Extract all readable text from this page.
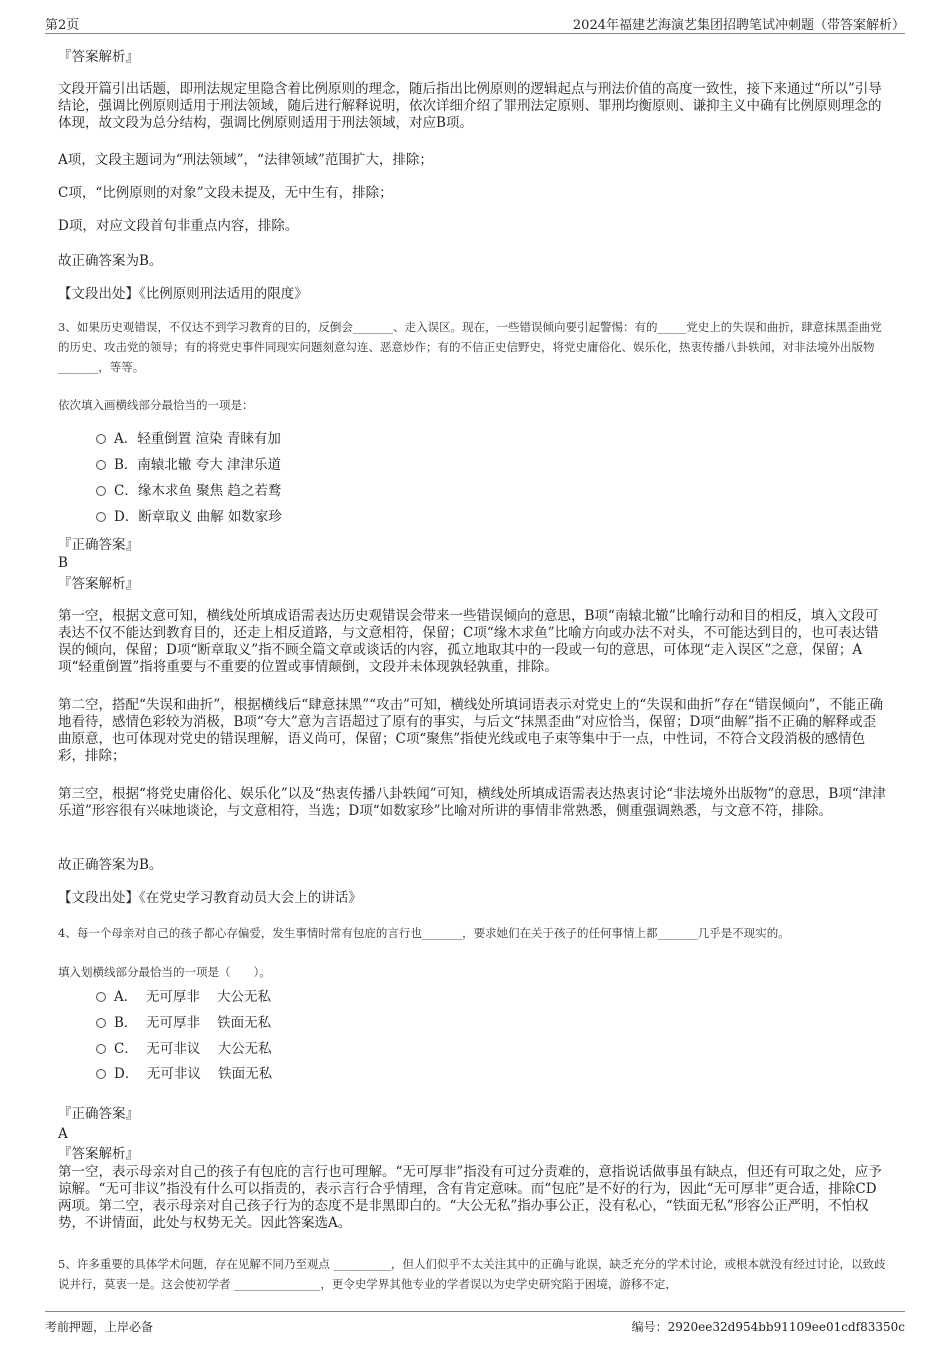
第2页	2024年福建艺海演艺集团招聘笔试冲刺题（带答案解析）
『答案解析』
文段开篇引出话题，即刑法规定里隐含着比例原则的理念，随后指出比例原则的逻辑起点与刑法价值的高度一致性，接下来通过“所以”引导结论，强调比例原则适用于刑法领域，随后进行解释说明，依次详细介绍了罪刑法定原则、罪刑均衡原则、谦抑主义中确有比例原则理念的体现，故文段为总分结构，强调比例原则适用于刑法领域，对应B项。
A项，文段主题词为“刑法领域”，“法律领域”范围扩大，排除；
C项，“比例原则的对象”文段未提及，无中生有，排除；
D项，对应文段首句非重点内容，排除。
故正确答案为B。
【文段出处】《比例原则刑法适用的限度》
3、如果历史观错误，不仅达不到学习教育的目的，反倒会_______、走入误区。现在，一些错误倾向要引起警惕：有的_____党史上的失误和曲折，肆意抹黑歪曲党的历史、攻击党的领导；有的将党史事件同现实问题刻意勾连、恶意炒作；有的不信正史信野史，将党史庸俗化、娱乐化，热衷传播八卦轶闻，对非法境外出版物_______，等等。
依次填入画横线部分最恰当的一项是：
A．轻重倒置 渲染 青睐有加
B．南辕北辙 夸大 津津乐道
C．缘木求鱼 聚焦 趋之若鹜
D．断章取义 曲解 如数家珍
『正确答案』
B
『答案解析』
第一空，根据文意可知，横线处所填成语需表达历史观错误会带来一些错误倾向的意思，B项“南辕北辙”比喻行动和目的相反，填入文段可表达不仅不能达到教育目的，还走上相反道路，与文意相符，保留；C项“缘木求鱼”比喻方向或办法不对头，不可能达到目的，也可表达错误的倾向，保留；D项“断章取义”指不顾全篇文章或谈话的内容，孤立地取其中的一段或一句的意思，可体现“走入误区”之意，保留；A项“轻重倒置”指将重要与不重要的位置或事情颠倒，文段并未体现孰轻孰重，排除。
第二空，搭配“失误和曲折”，根据横线后“肆意抹黑”“攻击”可知，横线处所填词语表示对党史上的“失误和曲折”存在“错误倾向”，不能正确地看待，感情色彩较为消极，B项“夸大”意为言语超过了原有的事实，与后文“抹黑歪曲”对应恰当，保留；D项“曲解”指不正确的解释或歪曲原意，也可体现对党史的错误理解，语义尚可，保留；C项“聚焦”指使光线或电子束等集中于一点，中性词，不符合文段消极的感情色彩，排除；
第三空，根据“将党史庸俗化、娱乐化”以及“热衷传播八卦轶闻”可知，横线处所填成语需表达热衷讨论“非法境外出版物”的意思，B项“津津乐道”形容很有兴味地谈论，与文意相符，当选；D项“如数家珍”比喻对所讲的事情非常熟悉，侧重强调熟悉，与文意不符，排除。
故正确答案为B。
【文段出处】《在党史学习教育动员大会上的讲话》
4、每一个母亲对自己的孩子都心存偏爱，发生事情时常有包庇的言行也_______，要求她们在关于孩子的任何事情上都_______几乎是不现实的。
填入划横线部分最恰当的一项是（　　）。
A．  无可厚非    大公无私
B．  无可厚非    铁面无私
C．  无可非议    大公无私
D．  无可非议    铁面无私
『正确答案』
A
『答案解析』
第一空，表示母亲对自己的孩子有包庇的言行也可理解。“无可厚非”指没有可过分责难的，意指说话做事虽有缺点，但还有可取之处，应予谅解。“无可非议”指没有什么可以指责的，表示言行合乎情理，含有肯定意味。而“包庇”是不好的行为，因此“无可厚非”更合适，排除CD两项。第二空，表示母亲对自己孩子行为的态度不是非黑即白的。“大公无私”指办事公正，没有私心，“铁面无私”形容公正严明，不怕权势，不讲情面，此处与权势无关。因此答案选A。
5、许多重要的具体学术问题，存在见解不同乃至观点 __________，但人们似乎不太关注其中的正确与讹误，缺乏充分的学术讨论，或根本就没有经过讨论，以致歧说并行，莫衷一是。这会使初学者 _______________，更令史学界其他专业的学者误以为史学史研究陷于困境，游移不定，
考前押题，上岸必备	编号：2920ee32d954bb91109ee01cdf83350c
